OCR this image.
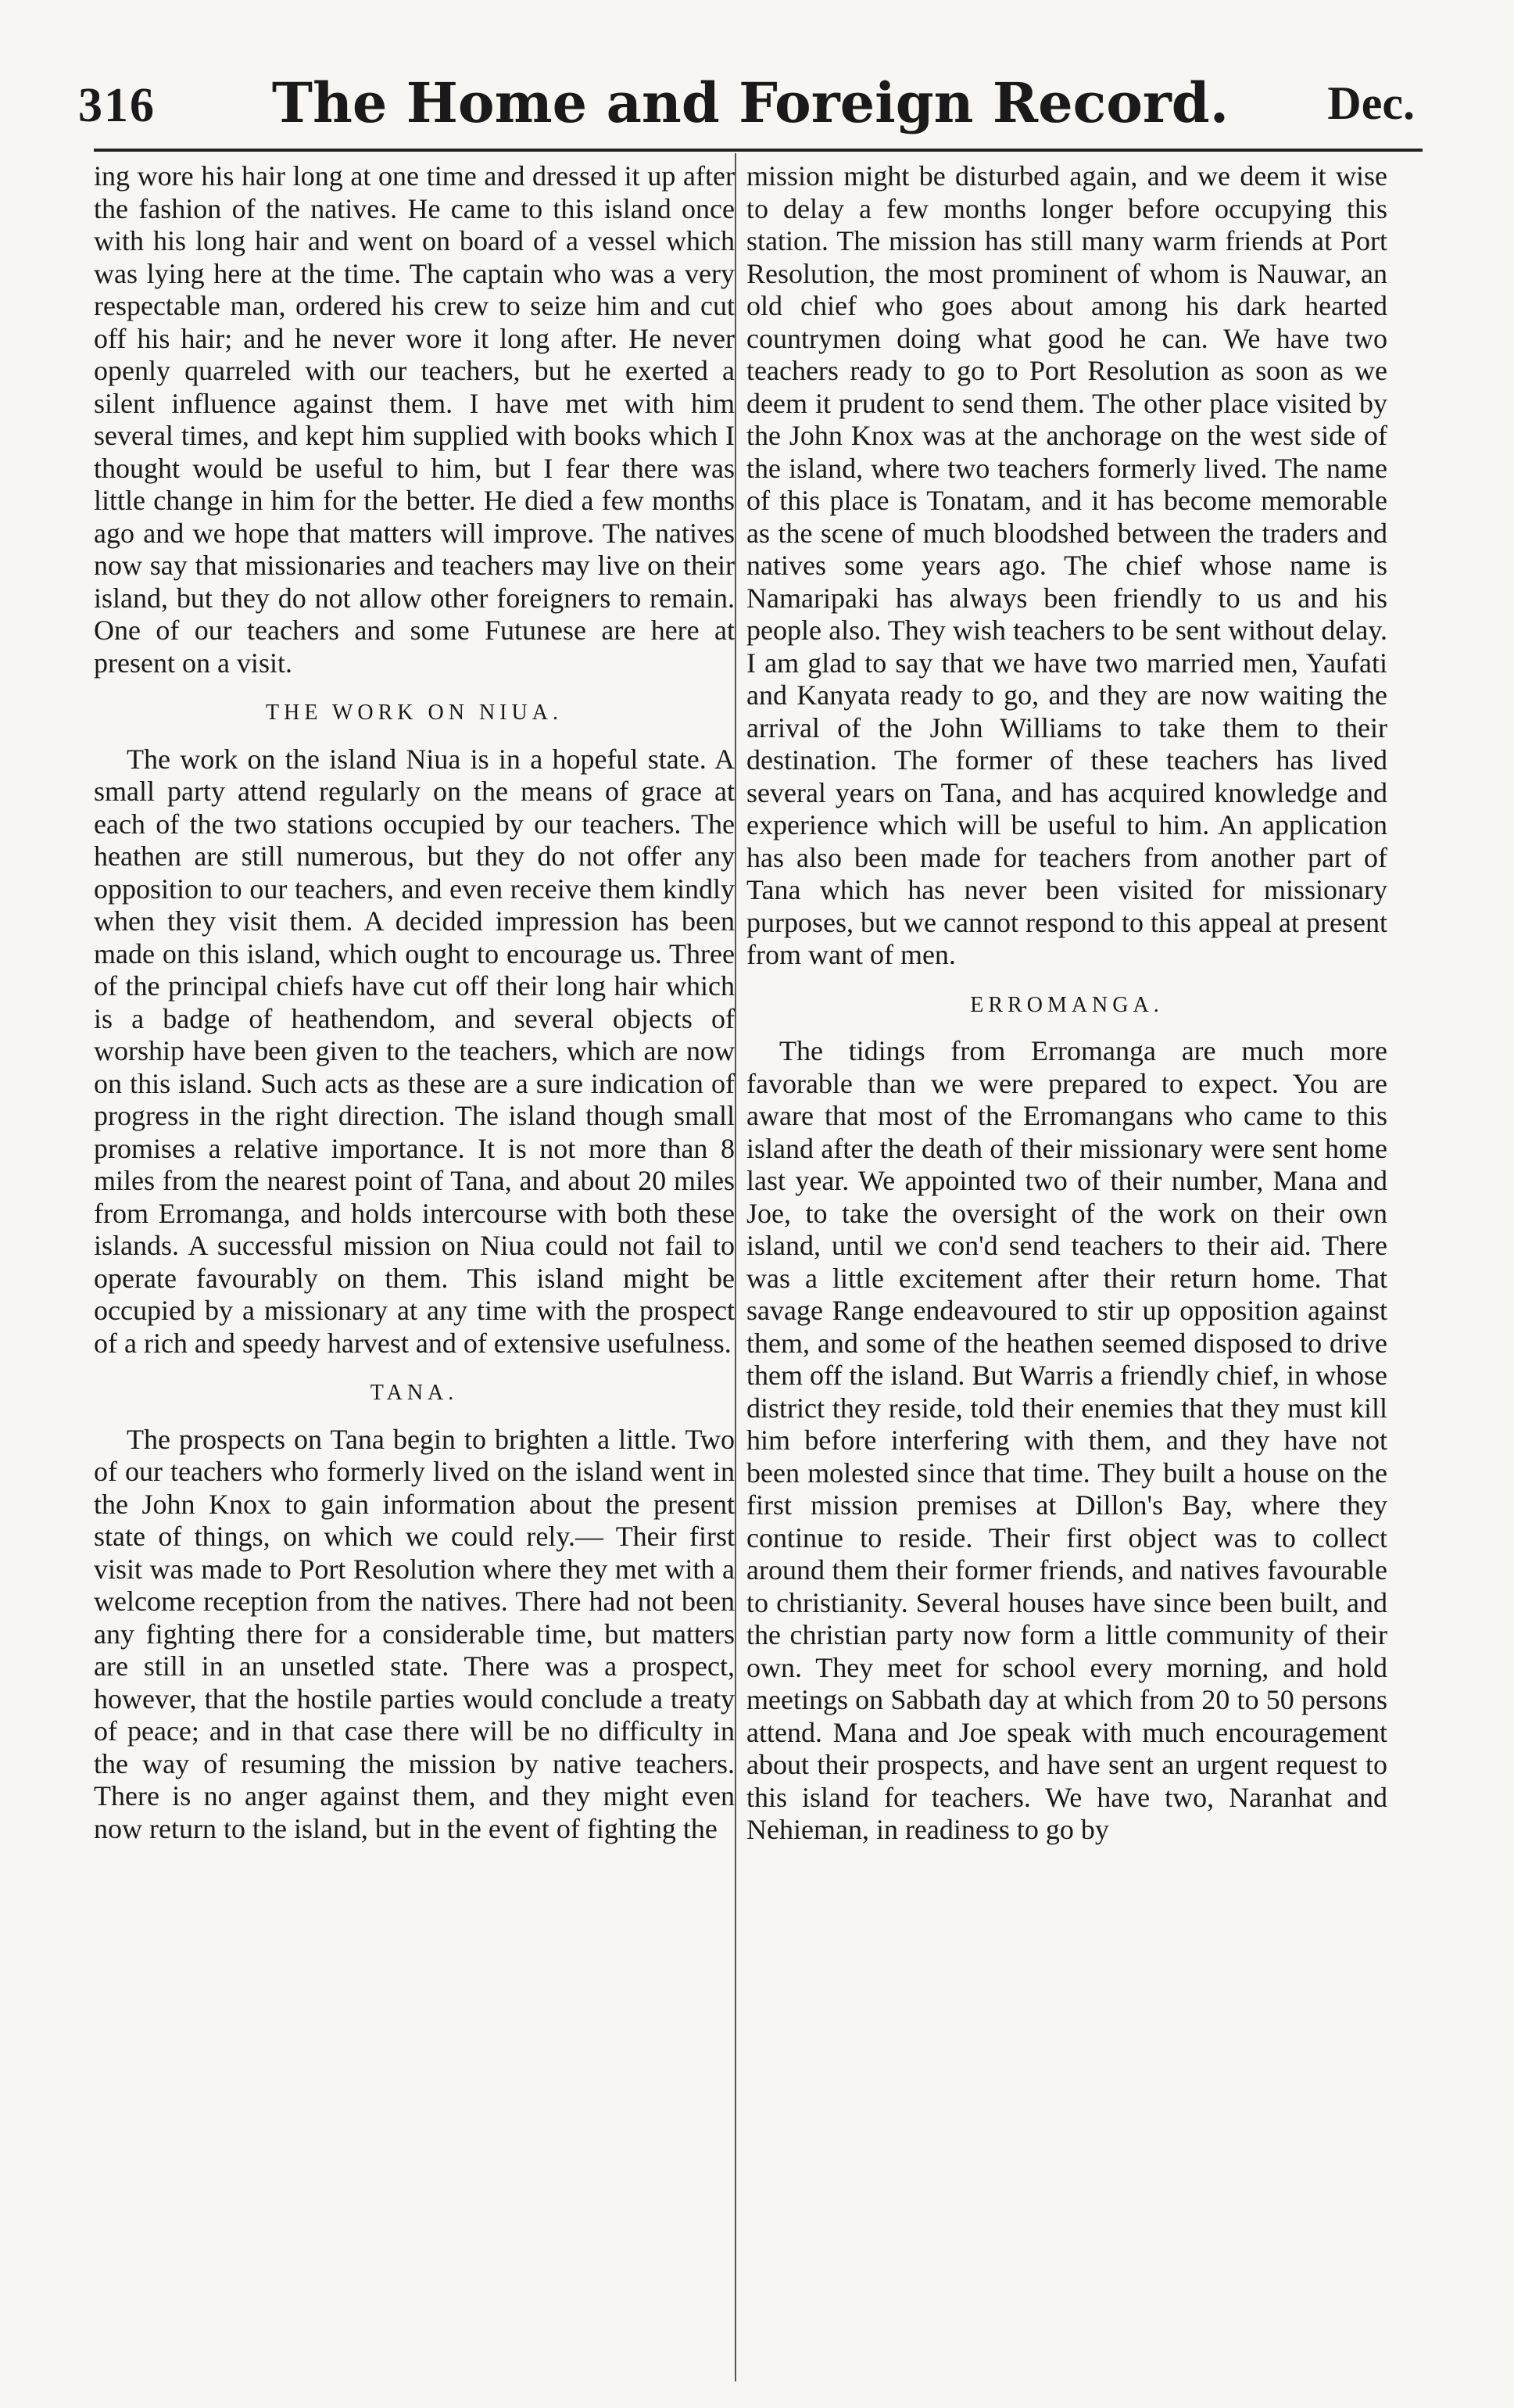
316	The Home and Foreign Record.	Dec.

ing wore his hair long at one time and dressed it up after the fashion of the natives. He came to this island once with his long hair and went on board of a vessel which was lying here at the time. The captain who was a very respectable man, ordered his crew to seize him and cut off his hair; and he never wore it long after. He never openly quarreled with our teachers, but he exerted a silent influence against them. I have met with him several times, and kept him supplied with books which I thought would be useful to him, but I fear there was little change in him for the better. He died a few months ago and we hope that matters will improve. The natives now say that missionaries and teachers may live on their island, but they do not allow other foreigners to remain. One of our teachers and some Futunese are here at present on a visit.

THE WORK ON NIUA.

The work on the island Niua is in a hopeful state. A small party attend regularly on the means of grace at each of the two stations occupied by our teachers. The heathen are still numerous, but they do not offer any opposition to our teachers, and even receive them kindly when they visit them. A decided impression has been made on this island, which ought to encourage us. Three of the principal chiefs have cut off their long hair which is a badge of heathendom, and several objects of worship have been given to the teachers, which are now on this island. Such acts as these are a sure indication of progress in the right direction. The island though small promises a relative importance. It is not more than 8 miles from the nearest point of Tana, and about 20 miles from Erromanga, and holds intercourse with both these islands. A successful mission on Niua could not fail to operate favourably on them. This island might be occupied by a missionary at any time with the prospect of a rich and speedy harvest and of extensive usefulness.

TANA.

The prospects on Tana begin to brighten a little. Two of our teachers who formerly lived on the island went in the John Knox to gain information about the present state of things, on which we could rely.— Their first visit was made to Port Resolution where they met with a welcome reception from the natives. There had not been any fighting there for a considerable time, but matters are still in an unsetled state. There was a prospect, however, that the hostile parties would conclude a treaty of peace; and in that case there will be no difficulty in the way of resuming the mission by native teachers. There is no anger against them, and they might even now return to the island, but in the event of fighting the

mission might be disturbed again, and we deem it wise to delay a few months longer before occupying this station. The mission has still many warm friends at Port Resolution, the most prominent of whom is Nauwar, an old chief who goes about among his dark hearted countrymen doing what good he can. We have two teachers ready to go to Port Resolution as soon as we deem it prudent to send them. The other place visited by the John Knox was at the anchorage on the west side of the island, where two teachers formerly lived. The name of this place is Tonatam, and it has become memorable as the scene of much bloodshed between the traders and natives some years ago. The chief whose name is Namaripaki has always been friendly to us and his people also. They wish teachers to be sent without delay. I am glad to say that we have two married men, Yaufati and Kanyata ready to go, and they are now waiting the arrival of the John Williams to take them to their destination. The former of these teachers has lived several years on Tana, and has acquired knowledge and experience which will be useful to him. An application has also been made for teachers from another part of Tana which has never been visited for missionary purposes, but we cannot respond to this appeal at present from want of men.

ERROMANGA.

The tidings from Erromanga are much more favorable than we were prepared to expect. You are aware that most of the Erromangans who came to this island after the death of their missionary were sent home last year. We appointed two of their number, Mana and Joe, to take the oversight of the work on their own island, until we con'd send teachers to their aid. There was a little excitement after their return home. That savage Range endeavoured to stir up opposition against them, and some of the heathen seemed disposed to drive them off the island. But Warris a friendly chief, in whose district they reside, told their enemies that they must kill him before interfering with them, and they have not been molested since that time. They built a house on the first mission premises at Dillon's Bay, where they continue to reside. Their first object was to collect around them their former friends, and natives favourable to christianity. Several houses have since been built, and the christian party now form a little community of their own. They meet for school every morning, and hold meetings on Sabbath day at which from 20 to 50 persons attend. Mana and Joe speak with much encouragement about their prospects, and have sent an urgent request to this island for teachers. We have two, Naranhat and Nehieman, in readiness to go by
